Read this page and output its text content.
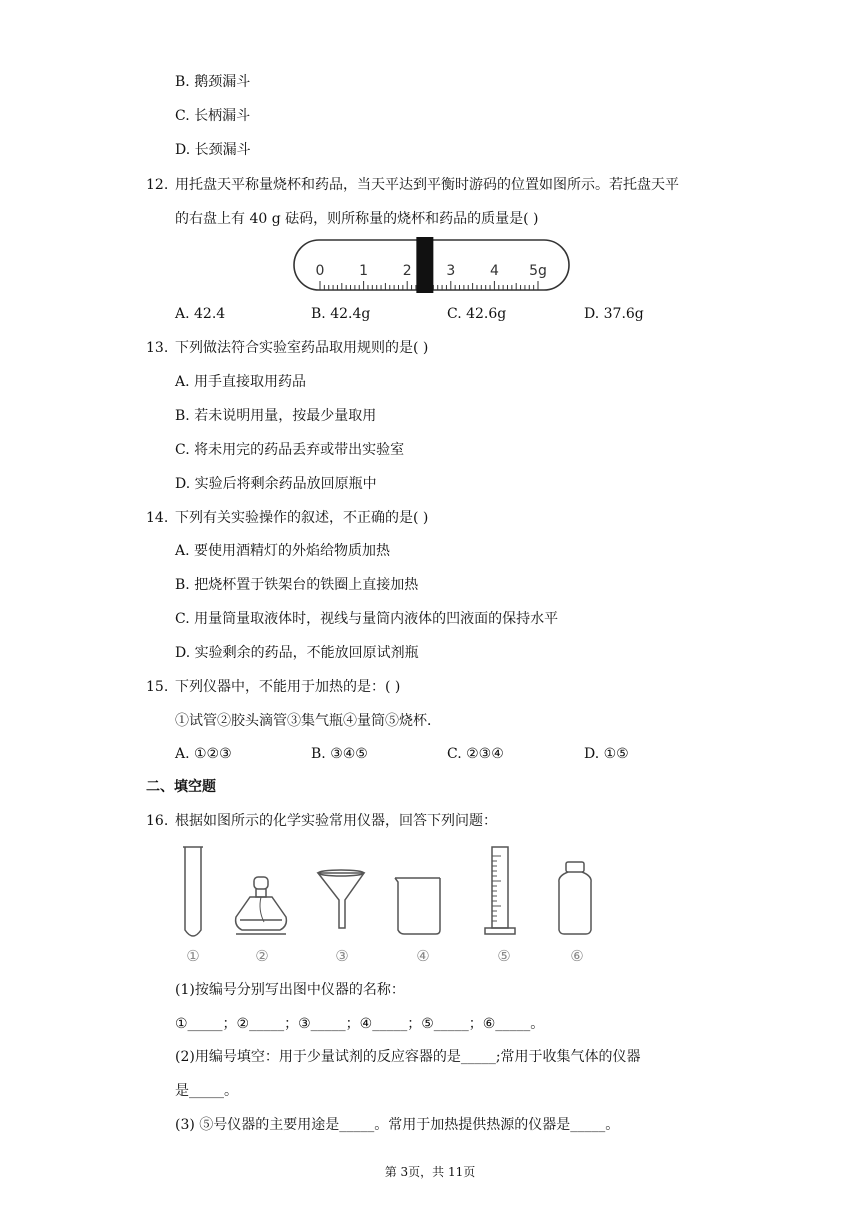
B. 鹅颈漏斗
C. 长柄漏斗
D. 长颈漏斗
12. 用托盘天平称量烧杯和药品，当天平达到平衡时游码的位置如图所示。若托盘天平
的右盘上有 40 g 砝码，则所称量的烧杯和药品的质量是( )
0 1 2 3 4 5g
A. 42.4	B. 42.4g	C. 42.6g	D. 37.6g
13. 下列做法符合实验室药品取用规则的是( )
A. 用手直接取用药品
B. 若未说明用量，按最少量取用
C. 将未用完的药品丢弃或带出实验室
D. 实验后将剩余药品放回原瓶中
14. 下列有关实验操作的叙述，不正确的是( )
A. 要使用酒精灯的外焰给物质加热
B. 把烧杯置于铁架台的铁圈上直接加热
C. 用量筒量取液体时，视线与量筒内液体的凹液面的保持水平
D. 实验剩余的药品，不能放回原试剂瓶
15. 下列仪器中，不能用于加热的是：( )
①试管②胶头滴管③集气瓶④量筒⑤烧杯．
A. ①②③	B. ③④⑤	C. ②③④	D. ①⑤
二、填空题
16. 根据如图所示的化学实验常用仪器，回答下列问题：
①	②	③	④	⑤	⑥
(1)按编号分别写出图中仪器的名称：
①_____；②_____；③_____；④_____；⑤_____；⑥_____。
(2)用编号填空：用于少量试剂的反应容器的是_____;常用于收集气体的仪器
是_____。
(3) ⑤号仪器的主要用途是_____。常用于加热提供热源的仪器是_____。
第 3页，共 11页
